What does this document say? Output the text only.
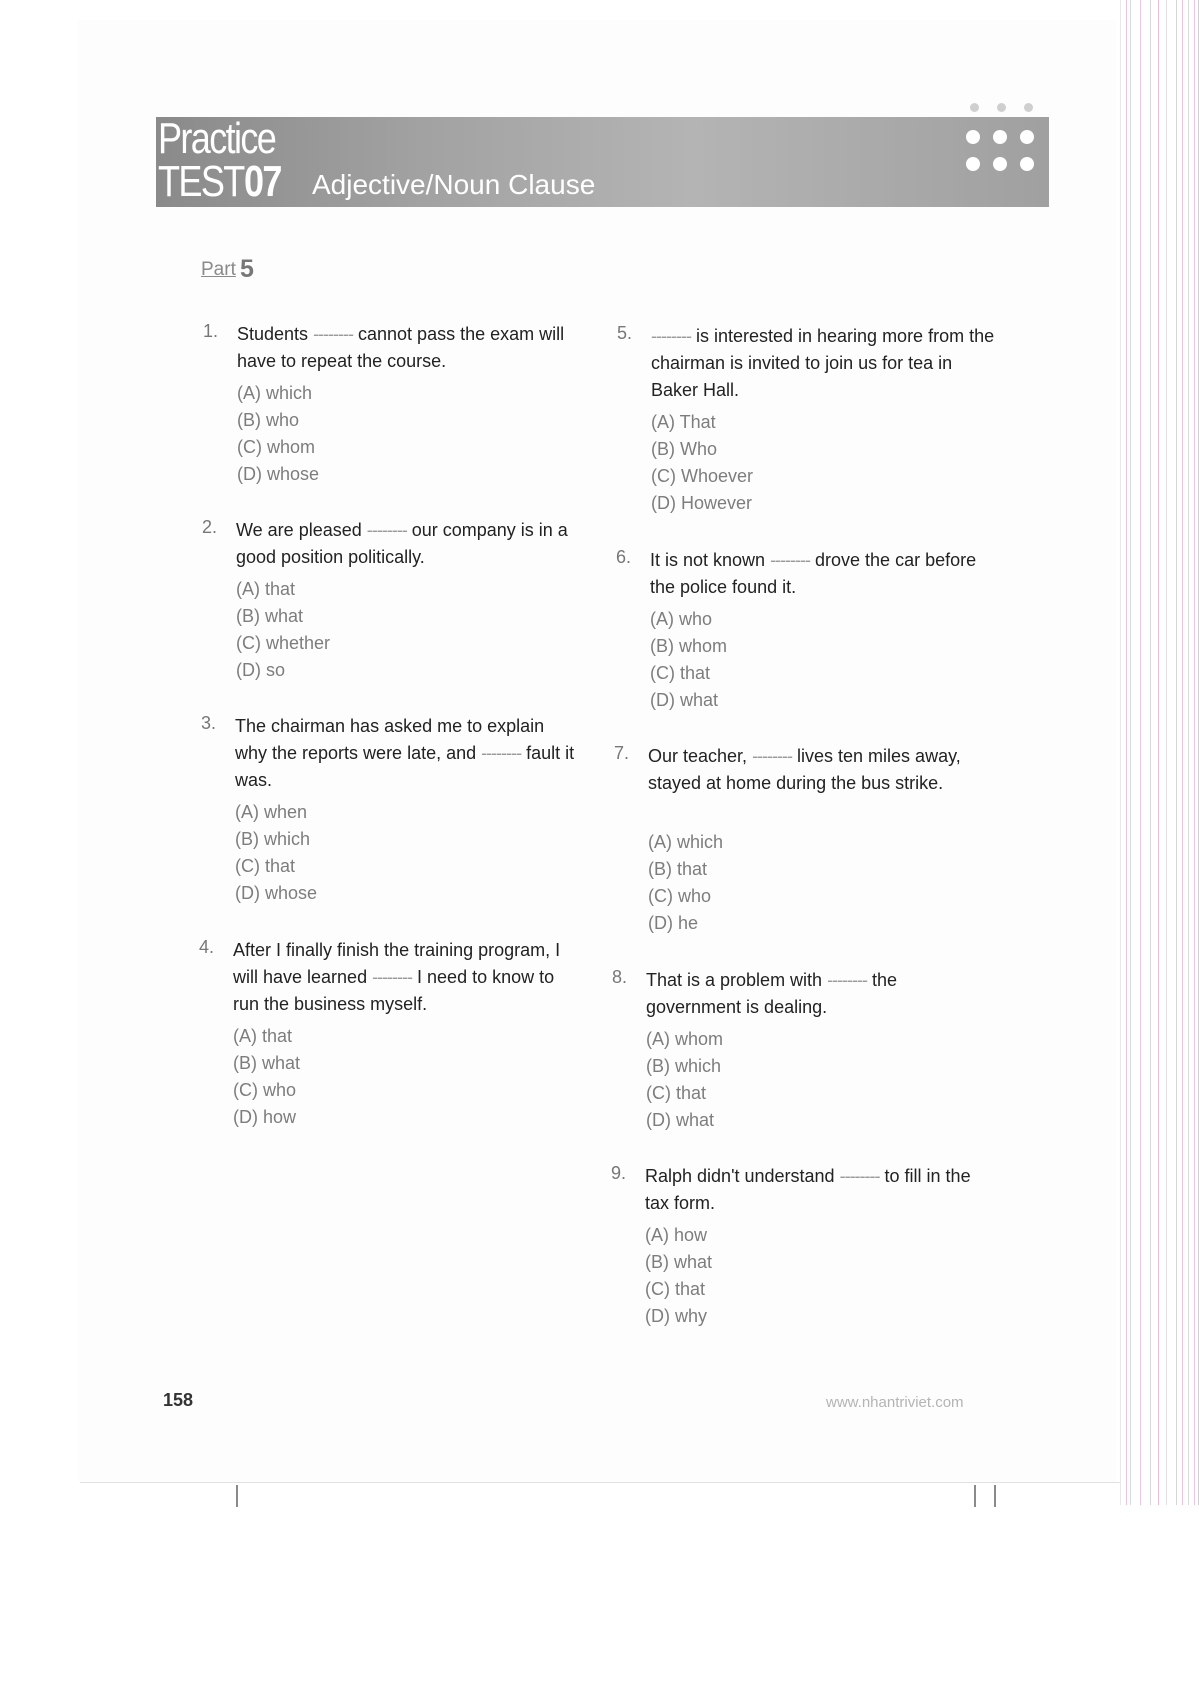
Practice
TEST 07 Adjective/Noun Clause
Part 5
1. Students -------- cannot pass the exam will have to repeat the course.
(A) which
(B) who
(C) whom
(D) whose
2. We are pleased -------- our company is in a good position politically.
(A) that
(B) what
(C) whether
(D) so
3. The chairman has asked me to explain why the reports were late, and -------- fault it was.
(A) when
(B) which
(C) that
(D) whose
4. After I finally finish the training program, I will have learned -------- I need to know to run the business myself.
(A) that
(B) what
(C) who
(D) how
5. -------- is interested in hearing more from the chairman is invited to join us for tea in Baker Hall.
(A) That
(B) Who
(C) Whoever
(D) However
6. It is not known -------- drove the car before the police found it.
(A) who
(B) whom
(C) that
(D) what
7. Our teacher, -------- lives ten miles away, stayed at home during the bus strike.
(A) which
(B) that
(C) who
(D) he
8. That is a problem with -------- the government is dealing.
(A) whom
(B) which
(C) that
(D) what
9. Ralph didn't understand -------- to fill in the tax form.
(A) how
(B) what
(C) that
(D) why
158	www.nhantriviet.com
